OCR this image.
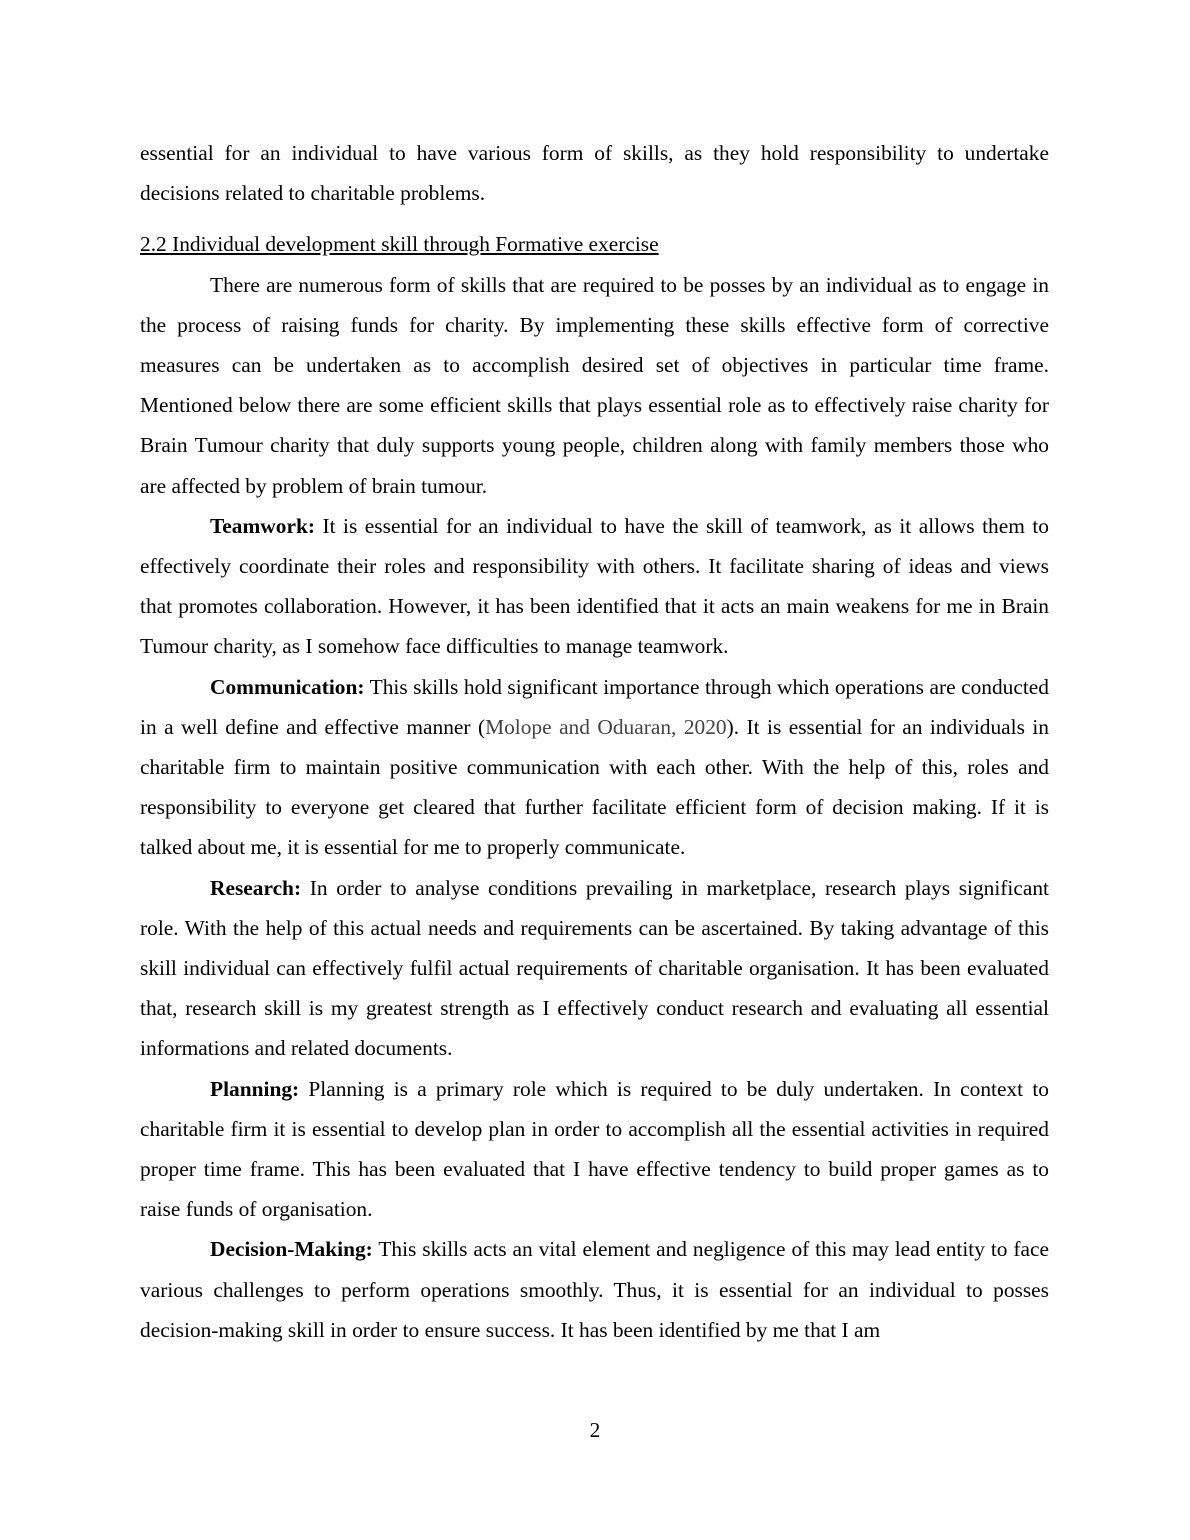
essential for an individual to have various form of skills, as they hold responsibility to undertake decisions related to charitable problems.

2.2 Individual development skill through Formative exercise

There are numerous form of skills that are required to be posses by an individual as to engage in the process of raising funds for charity. By implementing these skills effective form of corrective measures can be undertaken as to accomplish desired set of objectives in particular time frame. Mentioned below there are some efficient skills that plays essential role as to effectively raise charity for Brain Tumour charity that duly supports young people, children along with family members those who are affected by problem of brain tumour.

Teamwork: It is essential for an individual to have the skill of teamwork, as it allows them to effectively coordinate their roles and responsibility with others. It facilitate sharing of ideas and views that promotes collaboration. However, it has been identified that it acts an main weakens for me in Brain Tumour charity, as I somehow face difficulties to manage teamwork.

Communication: This skills hold significant importance through which operations are conducted in a well define and effective manner (Molope and Oduaran, 2020). It is essential for an individuals in charitable firm to maintain positive communication with each other. With the help of this, roles and responsibility to everyone get cleared that further facilitate efficient form of decision making. If it is talked about me, it is essential for me to properly communicate.

Research: In order to analyse conditions prevailing in marketplace, research plays significant role. With the help of this actual needs and requirements can be ascertained. By taking advantage of this skill individual can effectively fulfil actual requirements of charitable organisation. It has been evaluated that, research skill is my greatest strength as I effectively conduct research and evaluating all essential informations and related documents.

Planning: Planning is a primary role which is required to be duly undertaken. In context to charitable firm it is essential to develop plan in order to accomplish all the essential activities in required proper time frame. This has been evaluated that I have effective tendency to build proper games as to raise funds of organisation.

Decision-Making: This skills acts an vital element and negligence of this may lead entity to face various challenges to perform operations smoothly. Thus, it is essential for an individual to posses decision-making skill in order to ensure success. It has been identified by me that I am

2
